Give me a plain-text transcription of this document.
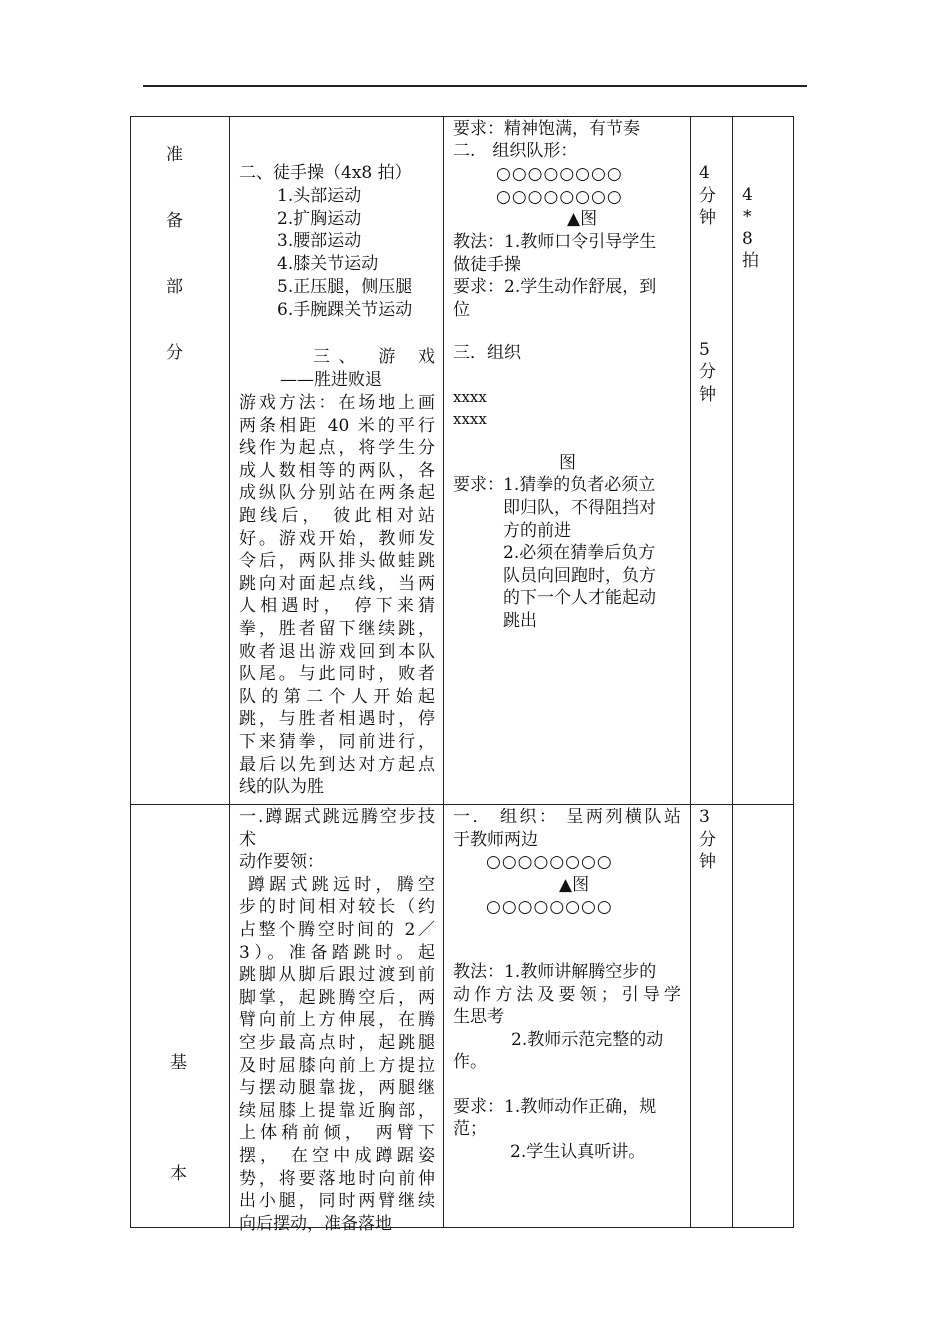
准
备
部
分
二、徒手操（4x8 拍）
1.头部运动
2.扩胸运动
3.腰部运动
4.膝关节运动
5.正压腿，侧压腿
6.手腕踝关节运动
三、 游 戏
——胜进败退
游戏方法：在场地上画
两条相距 40 米的平行
线作为起点，将学生分
成人数相等的两队，各
成纵队分别站在两条起
跑线后， 彼此相对站
好。游戏开始，教师发
令后，两队排头做蛙跳
跳向对面起点线，当两
人相遇时， 停下来猜
拳，胜者留下继续跳，
败者退出游戏回到本队
队尾。与此同时，败者
队的第二个人开始起
跳，与胜者相遇时，停
下来猜拳，同前进行，
最后以先到达对方起点
线的队为胜
要求：精神饱满，有节奏
二.　组织队形：
○○○○○○○○
○○○○○○○○
▲图
教法：1.教师口令引导学生
做徒手操
要求：2.学生动作舒展，到
位
三．组织
xxxx
xxxx
图
要求： 1.猜拳的负者必须立
即归队，不得阻挡对
方的前进
2.必须在猜拳后负方
队员向回跑时，负方
的下一个人才能起动
跳出
4
分
钟
5
分
钟
4
*
8
拍
基
本
一.蹲踞式跳远腾空步技
术
动作要领：
蹲踞式跳远时，腾空
步的时间相对较长（约
占整个腾空时间的 2／
3）。准备踏跳时。起
跳脚从脚后跟过渡到前
脚掌，起跳腾空后，两
臂向前上方伸展，在腾
空步最高点时，起跳腿
及时屈膝向前上方提拉
与摆动腿靠拢，两腿继
续屈膝上提靠近胸部，
上体稍前倾， 两臂下
摆， 在空中成蹲踞姿
势，将要落地时向前伸
出小腿，同时两臂继续
向后摆动，准备落地
一． 组织： 呈两列横队站
于教师两边
○○○○○○○○
▲图
○○○○○○○○
教法：1.教师讲解腾空步的
动作方法及要领；引导学
生思考
2.教师示范完整的动
作。
要求：1.教师动作正确，规
范；
2.学生认真听讲。
3
分
钟
